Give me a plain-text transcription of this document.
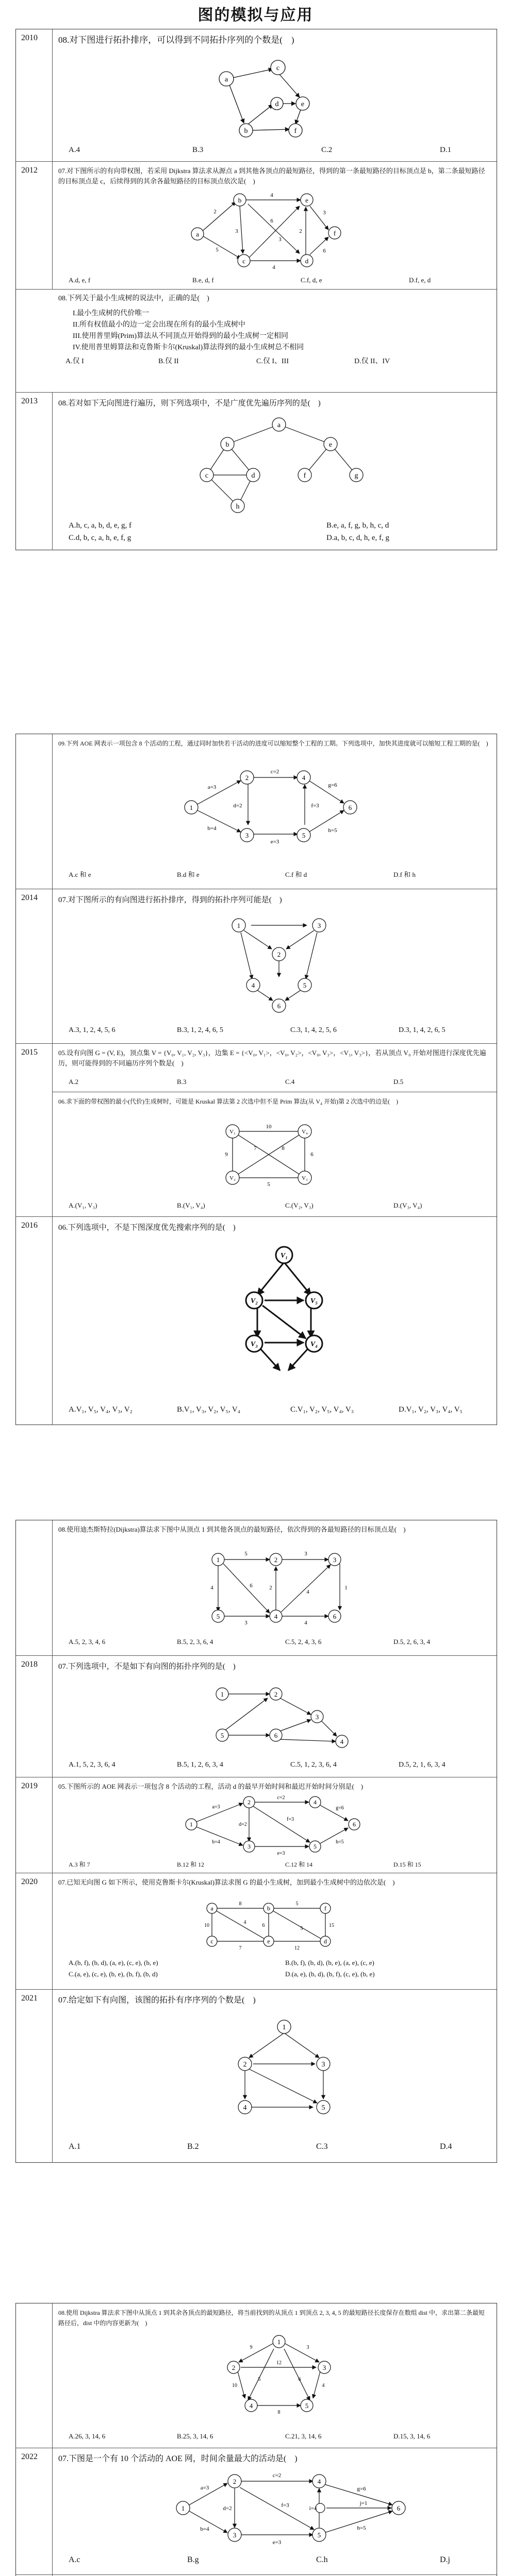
图的模拟与应用
2010 08.对下图进行拓扑排序，可以得到不同拓扑序列的个数是(　)
a
c
d	e
b	f
A.4	B.3	C.2	D.1
2012	07.对下图所示的有向带权图，若采用 Dijkstra 算法求从源点 a 到其他各顶点的最短路径，得到的第一条最短路径的目标顶点是 b，第二条最短路径的目标顶点是 c，后续得到的其余各最短路径的目标顶点依次是(　)
a
b
c
e
d
f
2
5
4
3
6
3
4
3
6
2
A.d, e, f	B.e, d, f	C.f, d, e	D.f, e, d
08.下列关于最小生成树的说法中，正确的是(　)
I.最小生成树的代价唯一
II.所有权值最小的边一定会出现在所有的最小生成树中
III.使用普里姆(Prim)算法从不同顶点开始得到的最小生成树一定相同
IV.使用普里姆算法和克鲁斯卡尔(Kruskal)算法得到的最小生成树总不相同
A.仅 I	B.仅 II	C.仅 I、III	D.仅 II、IV
2013	08.若对如下无向图进行遍历，则下列选项中，不是广度优先遍历序列的是(　)
a
b	e
c	d	f	g
h
A.h, c, a, b, d, e, g, f	B.e, a, f, g, b, h, c, d
C.d, b, c, a, h, e, f, g	D.a, b, c, d, h, e, f, g
09.下列 AOE 网表示一项包含 8 个活动的工程，通过同时加快若干活动的进度可以缩短整个工程的工期。下列选项中，加快其进度就可以缩短工程工期的是(　)
1
2
3
4
5
6
a=3
b=4
c=2
d=2
e=3
f=3
g=6
h=5
A.c 和 e	B.d 和 e	C.f 和 d	D.f 和 h
2014	07.对下图所示的有向图进行拓扑排序，得到的拓扑序列可能是(　)
1	3
2
4	5
6
A.3, 1, 2, 4, 5, 6	B.3, 1, 2, 4, 6, 5	C.3, 1, 4, 2, 5, 6	D.3, 1, 4, 2, 6, 5
2015	05.设有向图 G = (V, E)，顶点集 V = {V₀, V₁, V₂, V₃}，边集 E = {<V₀, V₁>，<V₀, V₂>，<V₀, V₃>，<V₁, V₃>}，若从顶点 V₀ 开始对图进行深度优先遍历，则可能得到的不同遍历序列个数是(　)
A.2	B.3	C.4	D.5
06.求下面的带权图的最小(代价)生成树时，可能是 Kruskal 算法第 2 次选中但不是 Prim 算法(从 V₄ 开始)第 2 次选中的边是(　)
V₁	V₄
V₂	V₃
10
9	6
5
7	8
A.(V₁, V₃)	B.(V₁, V₄)	C.(V₂, V₃)	D.(V₃, V₄)
2016	06.下列选项中，不是下图深度优先搜索序列的是(　)
V₁
V₂	V₅
V₃	V₄
A.V₁, V₅, V₄, V₃, V₂	B.V₁, V₃, V₂, V₅, V₄	C.V₁, V₂, V₅, V₄, V₃	D.V₁, V₂, V₃, V₄, V₅
08.使用迪杰斯特拉(Dijkstra)算法求下图中从顶点 1 到其他各顶点的最短路径，依次得到的各最短路径的目标顶点是(　)
1	2	3
5	4	6
5
4	6
3
3
2
4
1
4
A.5, 2, 3, 4, 6	B.5, 2, 3, 6, 4	C.5, 2, 4, 3, 6	D.5, 2, 6, 3, 4
2018	07.下列选项中，不是如下有向图的拓扑序列的是(　)
1	2
3
5	6
4
A.1, 5, 2, 3, 6, 4	B.5, 1, 2, 6, 3, 4	C.5, 1, 2, 3, 6, 4	D.5, 2, 1, 6, 3, 4
2019	05.下图所示的 AOE 网表示一项包含 8 个活动的工程，活动 d 的最早开始时间和最迟开始时间分别是(　)
1
2
3
4
5
6
a=3
b=4
c=2
d=2
e=3
f=3
g=6
h=5
A.3 和 7	B.12 和 12	C.12 和 14	D.15 和 15
2020	07.已知无向图 G 如下所示，使用克鲁斯卡尔(Kruskal)算法求图 G 的最小生成树，加到最小生成树中的边依次是(　)
a	b	f
c	e	d
8	5
10
7	12
6	15
4
5
A.(b, f), (b, d), (a, e), (c, e), (b, e)	B.(b, f), (b, d), (b, e), (a, e), (c, e)
C.(a, e), (c, e), (b, e), (b, f), (b, d)	D.(a, e), (b, d), (b, f), (c, e), (b, e)
2021	07.给定如下有向图，该图的拓扑有序序列的个数是(　)
1
2	3
4	5
A.1	B.2	C.3	D.4
08.使用 Dijkstra 算法求下图中从顶点 1 到其余各顶点的最短路径，将当前找到的从顶点 1 到顶点 2, 3, 4, 5 的最短路径长度保存在数组 dist 中，求出第二条最短路径后，dist 中的内容更新为(　)
1
2	3
4	5
9	3
5	6
10	4
12
8
A.26, 3, 14, 6	B.25, 3, 14, 6	C.21, 3, 14, 6	D.15, 3, 14, 6
2022	07.下图是一个有 10 个活动的 AOE 网，时间余量最大的活动是(　)
1
2
3
4
5
6
a=3
b=4
c=2
d=2
e=3
f=3
g=6
h=5
i=4
j=1
A.c	B.g	C.h	D.j
